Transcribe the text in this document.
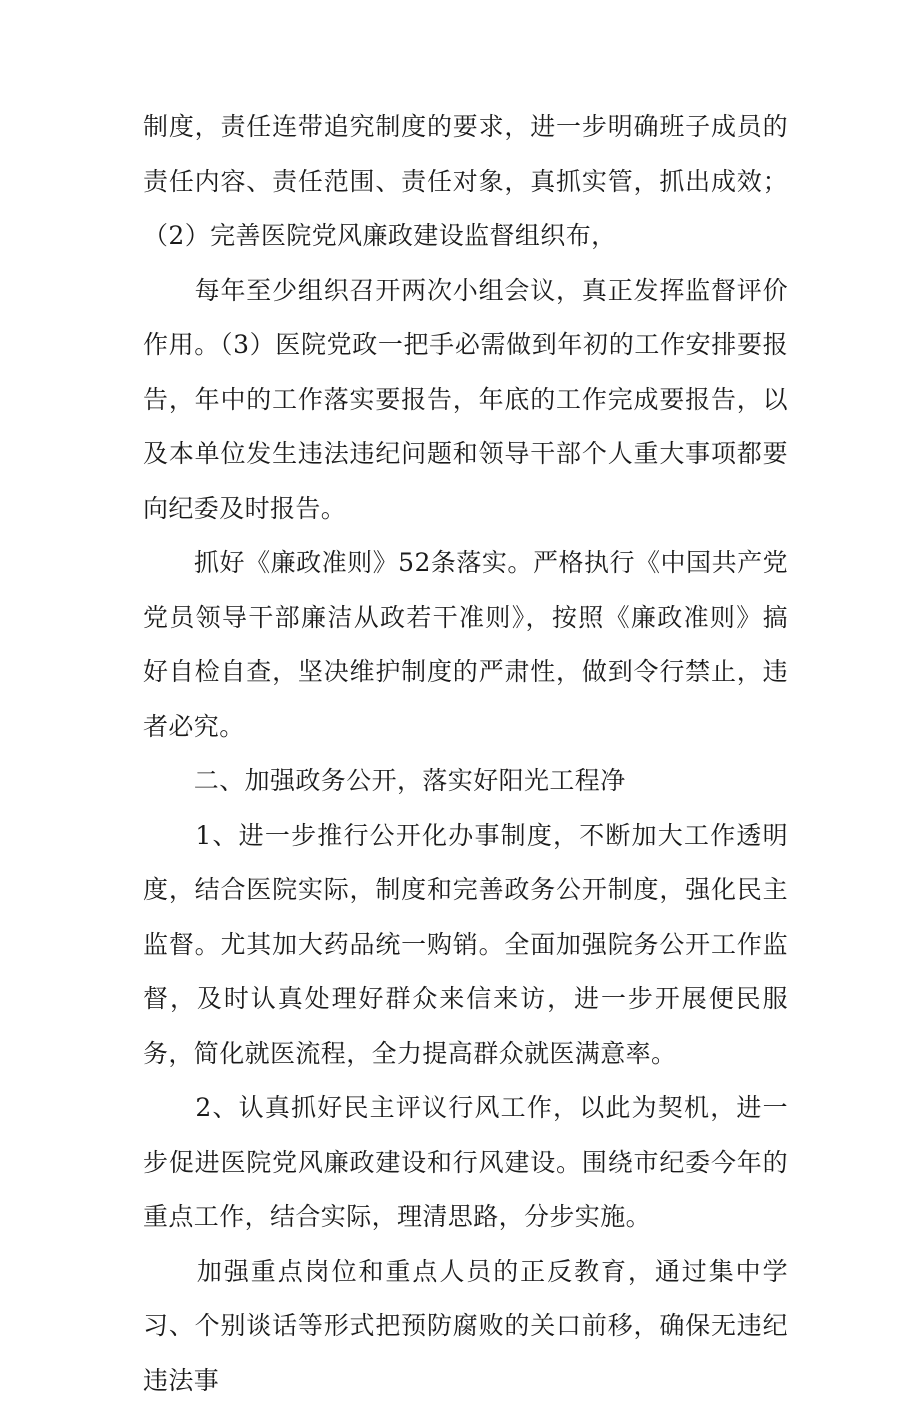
制度，责任连带追究制度的要求，进一步明确班子成员的责任内容、责任范围、责任对象，真抓实管，抓出成效；（2）完善医院党风廉政建设监督组织布，

　　每年至少组织召开两次小组会议，真正发挥监督评价作用。（3）医院党政一把手必需做到年初的工作安排要报告，年中的工作落实要报告，年底的工作完成要报告，以及本单位发生违法违纪问题和领导干部个人重大事项都要向纪委及时报告。

　　抓好《廉政准则》52条落实。严格执行《中国共产党党员领导干部廉洁从政若干准则》，按照《廉政准则》搞好自检自查，坚决维护制度的严肃性，做到令行禁止，违者必究。

　　二、加强政务公开，落实好阳光工程净

　　1、进一步推行公开化办事制度，不断加大工作透明度，结合医院实际，制度和完善政务公开制度，强化民主监督。尤其加大药品统一购销。全面加强院务公开工作监督，及时认真处理好群众来信来访，进一步开展便民服务，简化就医流程，全力提高群众就医满意率。

　　2、认真抓好民主评议行风工作，以此为契机，进一步促进医院党风廉政建设和行风建设。围绕市纪委今年的重点工作，结合实际，理清思路，分步实施。

　　加强重点岗位和重点人员的正反教育，通过集中学习、个别谈话等形式把预防腐败的关口前移，确保无违纪违法事
